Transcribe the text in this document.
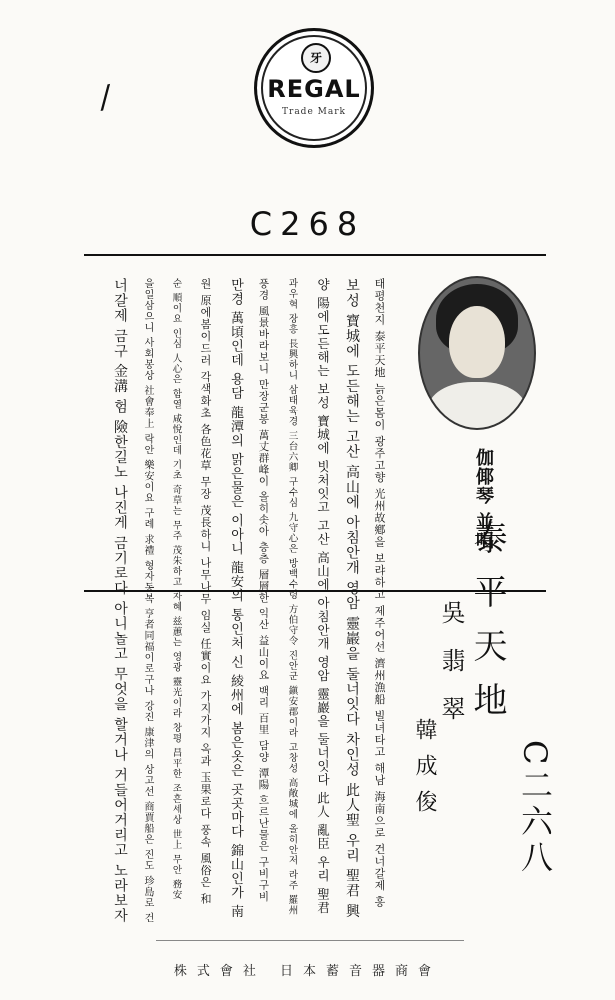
/
牙
REGAL
Trade Mark
C268
伽倻琴 並唱
泰平天地
吳翡翠
韓成俊 C二六八
태평천지 泰平天地 늙은몸이 광주고향 光州故鄕을 보랴하고 제주어선 濟州漁船 빌녀타고 해남 海南으로 건너갈제 흥
보성 寶城에 도든해는 고산 高山에 아침안개 영암 靈巖을 둘너잇다 차인성 此人聖 우리 聖君 興
양 陽에도든해는 보성 寶城에 빗처잇고 고산 高山에 아침안개 영암 靈巖을 둘너잇다 此人 亂臣 우리 聖君
과우혁 장흥 長興하니 삼태육경 三台六卿 구수심 九守心은 방백수령 方伯守令 진안군 鎭安郡이라 고창성 高敞城에 올히안저 라주 羅州
풍경 風景바라보니 만장군봉 萬丈群峰이 올히솟아 층층 層層한 익산 益山이요 백리 百里 담양 潭陽 흐르난물은 구비구비
만경 萬頃인데 용담 龍潭의 맑은물은 이아니 龍安의 통인처 신 綾州에 봄은옷은 곳곳마다 錦山인가 南
원 原에봄이드러 각색화초 各色花草 무장 茂長하니 나무나무 임실 任實이요 가지가지 옥과 玉果로다 풍속 風俗은 和
순 順이요 인심 人心은 함열 咸悅인데 기초 奇草는 무주 茂朱하고 자혜 兹蕙는 영광 靈光이라 창평 昌平한 조흔세상 世上 무안 務安
을일삼으니 사회봉상 社會奉上 락안 樂安이요 구례 求禮 형자동복 亨者同福이로구나 강진 康津의 상고선 商賈船은 진도 珍島로 건
너갈제 금구 金溝 험 險한길노 나진게 금기로다 아니놀고 무엇을 할거나 거들어거리고 노라보자
株式會社 日本蓄音器商會
